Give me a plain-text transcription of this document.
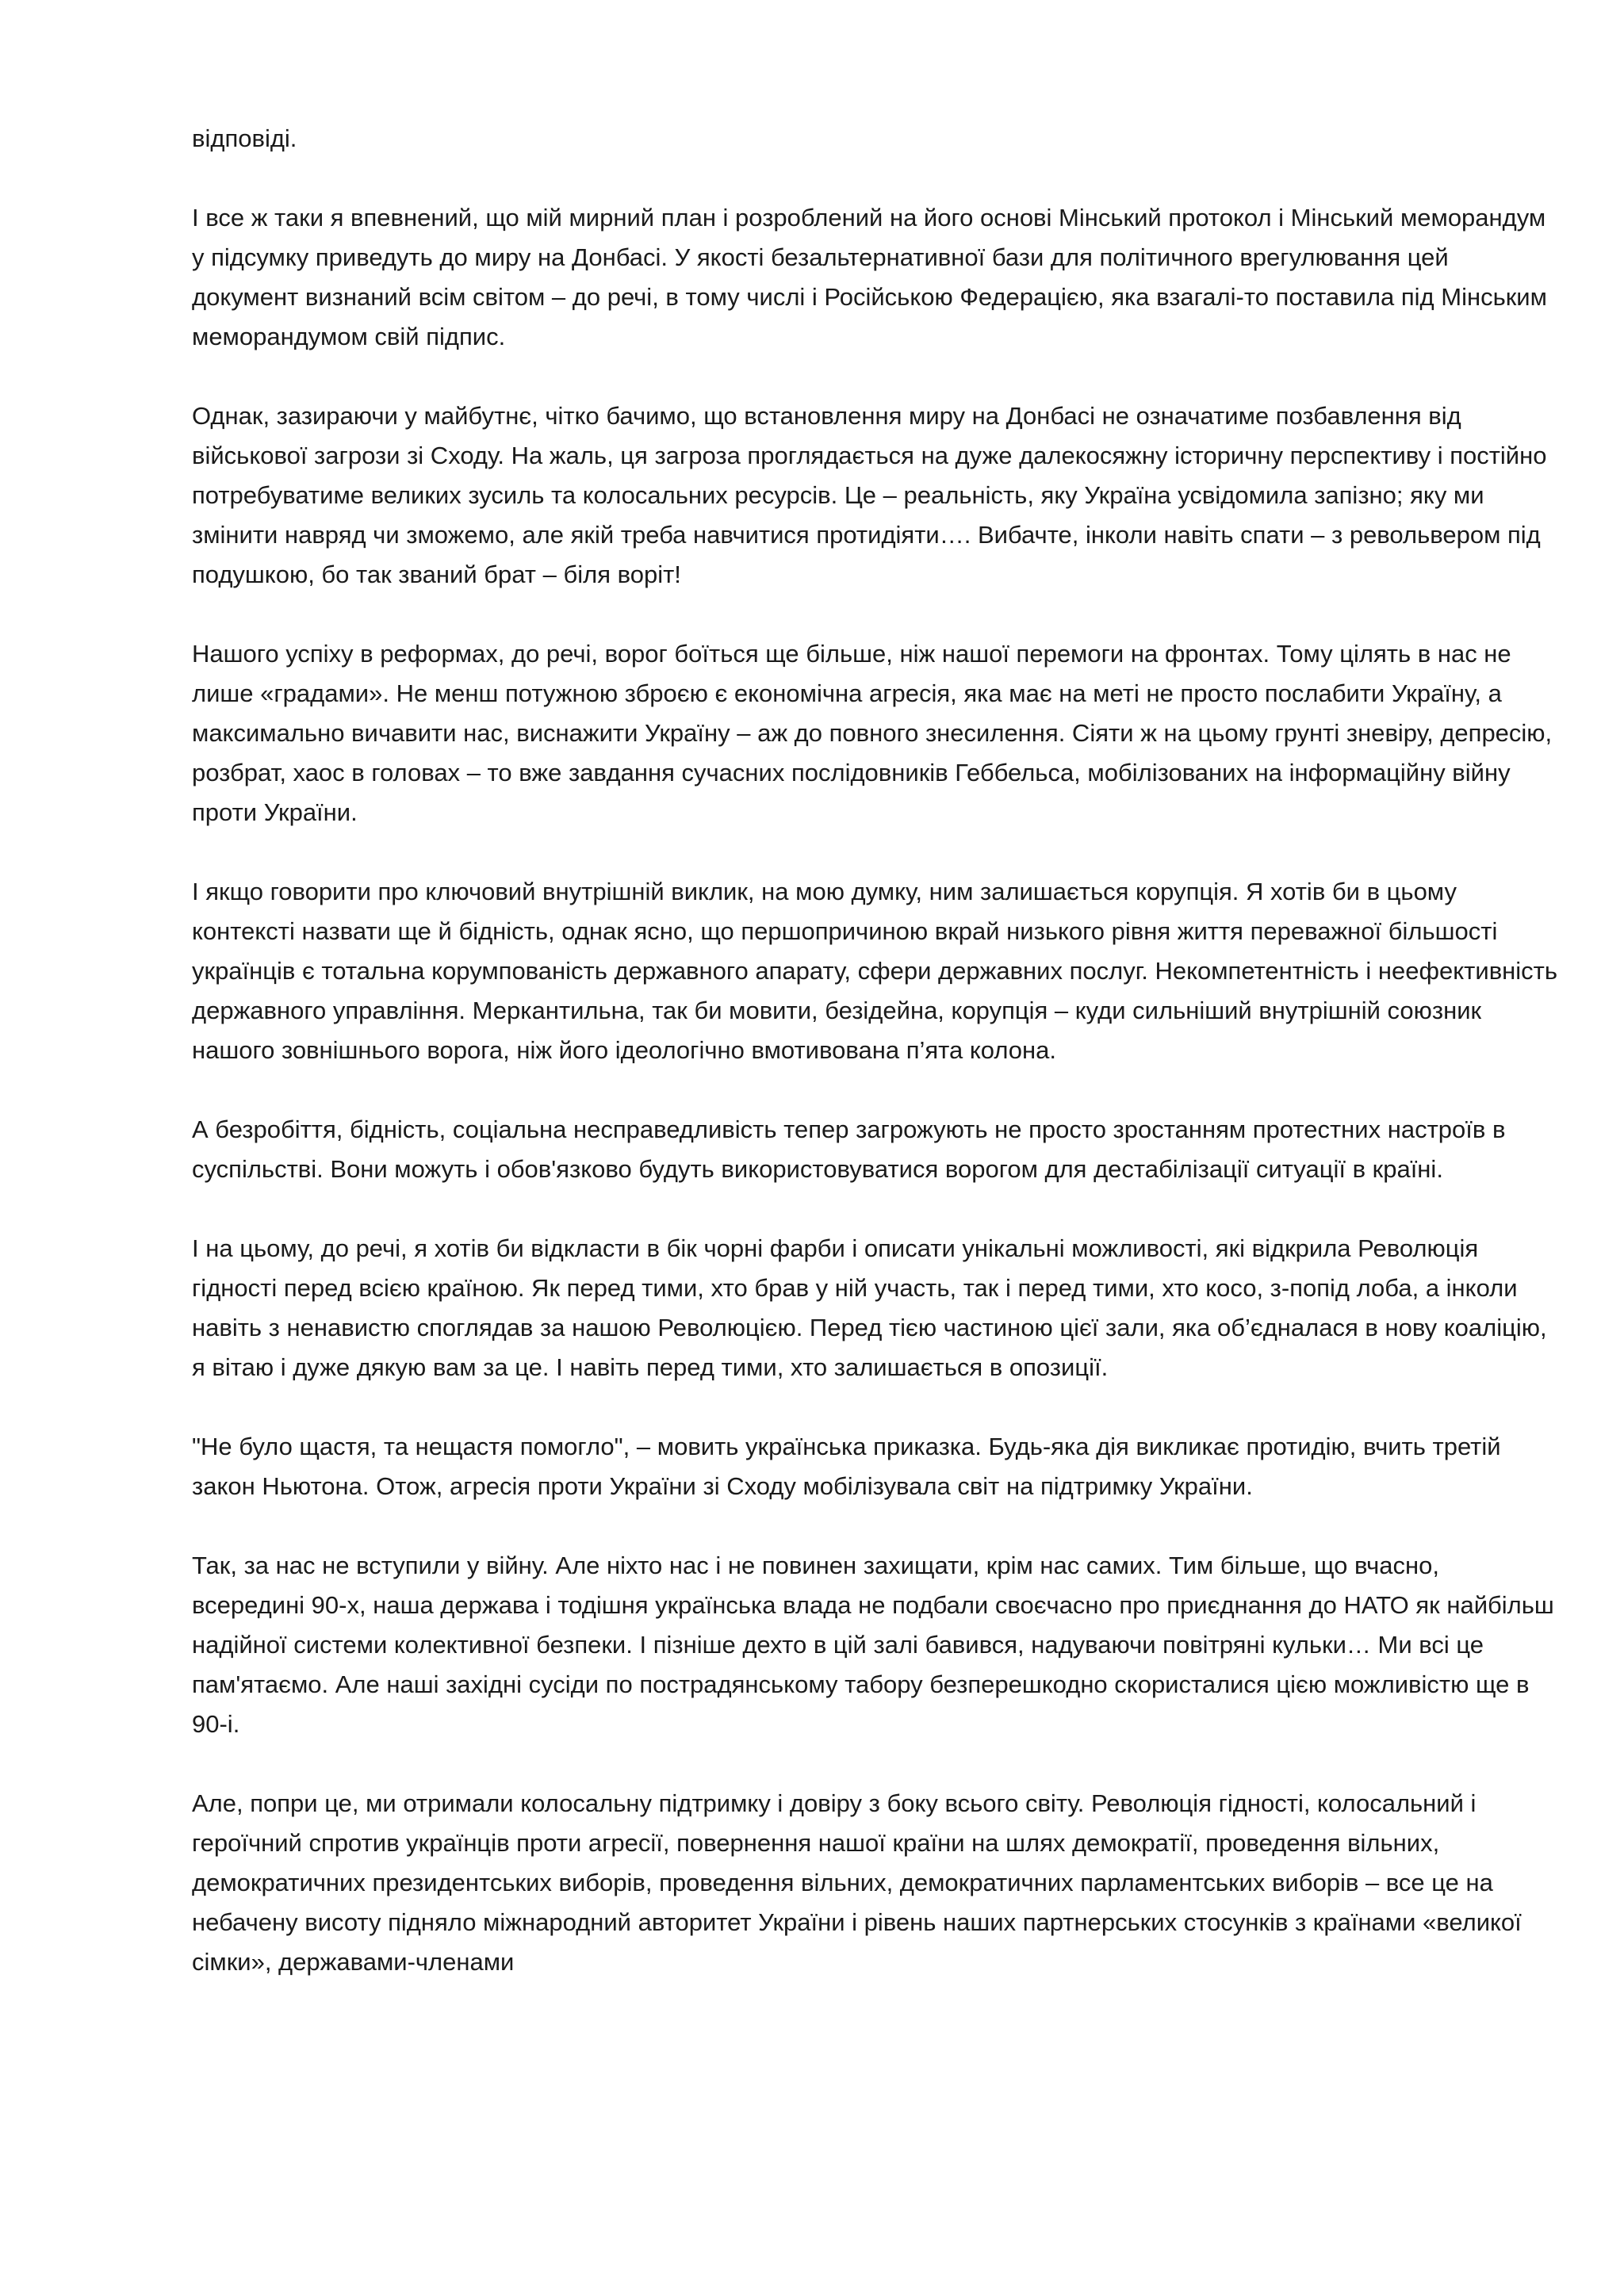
відповіді.

І все ж таки я впевнений, що мій мирний план і розроблений на його основі Мінський протокол і Мінський меморандум у підсумку приведуть до миру на Донбасі. У якості безальтернативної бази для політичного врегулювання цей документ визнаний всім світом – до речі, в тому числі і Російською Федерацією, яка взагалі-то поставила під Мінським меморандумом свій підпис.

Однак, зазираючи у майбутнє, чітко бачимо, що встановлення миру на Донбасі не означатиме позбавлення від військової загрози зі Сходу. На жаль, ця загроза проглядається на дуже далекосяжну історичну перспективу і постійно потребуватиме великих зусиль та колосальних ресурсів. Це – реальність, яку Україна усвідомила запізно; яку ми змінити навряд чи зможемо, але якій треба навчитися протидіяти…. Вибачте, інколи навіть спати – з револьвером під подушкою, бо так званий брат – біля воріт!

Нашого успіху в реформах, до речі, ворог боїться ще більше, ніж нашої перемоги на фронтах. Тому цілять в нас не лише «градами». Не менш потужною зброєю є економічна агресія, яка має на меті не просто послабити Україну, а максимально вичавити нас, виснажити Україну – аж до повного знесилення. Сіяти ж на цьому грунті зневіру, депресію, розбрат, хаос в головах – то вже завдання сучасних послідовників Геббельса, мобілізованих на інформаційну війну проти України.

І якщо говорити про ключовий внутрішній виклик, на мою думку, ним залишається корупція. Я хотів би в цьому контексті назвати ще й бідність, однак ясно, що першопричиною вкрай низького рівня життя переважної більшості українців є тотальна корумпованість державного апарату, сфери державних послуг. Некомпетентність і неефективність державного управління. Меркантильна, так би мовити, безідейна, корупція – куди сильніший внутрішній союзник нашого зовнішнього ворога, ніж його ідеологічно вмотивована п’ята колона.

А безробіття, бідність, соціальна несправедливість тепер загрожують не просто зростанням протестних настроїв в суспільстві. Вони можуть і обов'язково будуть використовуватися ворогом для дестабілізації ситуації в країні.

І на цьому, до речі, я хотів би відкласти в бік чорні фарби і описати унікальні можливості, які відкрила Революція гідності перед всією країною. Як перед тими, хто брав у ній участь, так і перед тими, хто косо, з-попід лоба, а інколи навіть з ненавистю споглядав за нашою Революцією. Перед тією частиною цієї зали, яка об’єдналася в нову коаліцію, я вітаю і дуже дякую вам за це. І навіть перед тими, хто залишається в опозиції.

"Не було щастя, та нещастя помогло", – мовить українська приказка. Будь-яка дія викликає протидію, вчить третій закон Ньютона. Отож, агресія проти України зі Сходу мобілізувала світ на підтримку України.

Так, за нас не вступили у війну. Але ніхто нас і не повинен захищати, крім нас самих. Тим більше, що вчасно, всередині 90-х, наша держава і тодішня українська влада не подбали своєчасно про приєднання до НАТО як найбільш надійної системи колективної безпеки. І пізніше дехто в цій залі бавився, надуваючи повітряні кульки… Ми всі це пам'ятаємо. Але наші західні сусіди по пострадянському табору безперешкодно скористалися цією можливістю ще в 90-і.

Але, попри це, ми отримали колосальну підтримку і довіру з боку всього світу. Революція гідності, колосальний і героїчний спротив українців проти агресії, повернення нашої країни на шлях демократії, проведення вільних, демократичних президентських виборів, проведення вільних, демократичних парламентських виборів – все це на небачену висоту підняло міжнародний авторитет України і рівень наших партнерських стосунків з країнами «великої сімки», державами-членами
